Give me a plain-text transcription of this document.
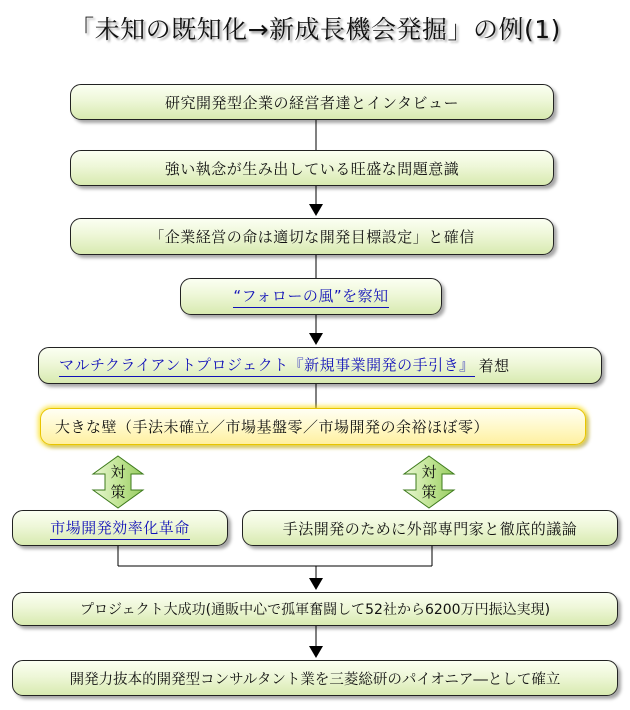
「未知の既知化→新成長機会発掘」の例(1)
研究開発型企業の経営者達とインタビュー
強い執念が生み出している旺盛な問題意識
「企業経営の命は適切な開発目標設定」と確信
“フォローの風”を察知
マルチクライアントプロジェクト『新規事業開発の手引き』 着想
大きな壁（手法未確立／市場基盤零／市場開発の余裕ほぼ零）
対
策
対
策
市場開発効率化革命	手法開発のために外部専門家と徹底的議論
プロジェクト大成功(通販中心で孤軍奮闘して52社から6200万円振込実現)
開発力抜本的開発型コンサルタント業を三菱総研のパイオニア―として確立
